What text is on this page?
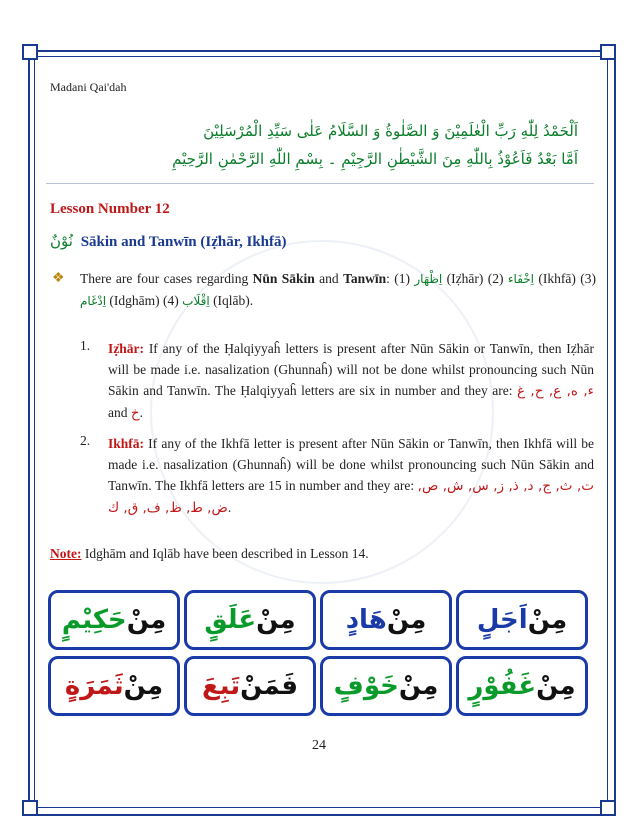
Madani Qai'dah
اَلْحَمْدُ لِلّٰهِ رَبِّ الْعٰلَمِيْنَ وَ الصَّلٰوةُ وَ السَّلَامُ عَلٰى سَيِّدِ الْمُرْسَلِيْنَ
اَمَّا بَعْدُ فَاَعُوْذُ بِاللّٰهِ مِنَ الشَّيْطٰنِ الرَّجِيْمِ ۔ بِسْمِ اللّٰهِ الرَّحْمٰنِ الرَّحِيْمِ
Lesson Number 12
نُوْنٌ Sākin and Tanwīn (Iẓ̈hār, Ikhfā)
❖ There are four cases regarding Nūn Sākin and Tanwīn: (1) اِظْهَار (Iẓ̈hār) (2) اِخْفَاء (Ikhfā) (3) اِدْغَام (Idghām) (4) اِقْلَاب (Iqlāb).
1. Iẓ̈hār: If any of the Ḥalqiyyaĥ letters is present after Nūn Sākin or Tanwīn, then Iẓ̈hār will be made i.e. nasalization (Ghunnaĥ) will not be done whilst pronouncing such Nūn Sākin and Tanwīn. The Ḥalqiyyaĥ letters are six in number and they are: ء, ه, ع, ح, غ and خ.
2. Ikhfā: If any of the Ikhfā letter is present after Nūn Sākin or Tanwīn, then Ikhfā will be made i.e. nasalization (Ghunnaĥ) will be done whilst pronouncing such Nūn Sākin and Tanwīn. The Ikhfā letters are 15 in number and they are: ت, ث, ج, د, ذ, ز, س, ش, ص, ض, ط, ظ, ف, ق, ك.
Note: Idghām and Iqlāb have been described in Lesson 14.
مِنْ
اَجَلٍ
مِنْ
هَادٍ
مِنْ
عَلَقٍ
مِنْ
حَكِيْمٍ
مِنْ
غَفُوْرٍ
مِنْ
خَوْفٍ
فَمَنْ
تَبِعَ
مِنْ
ثَمَرَةٍ
24
